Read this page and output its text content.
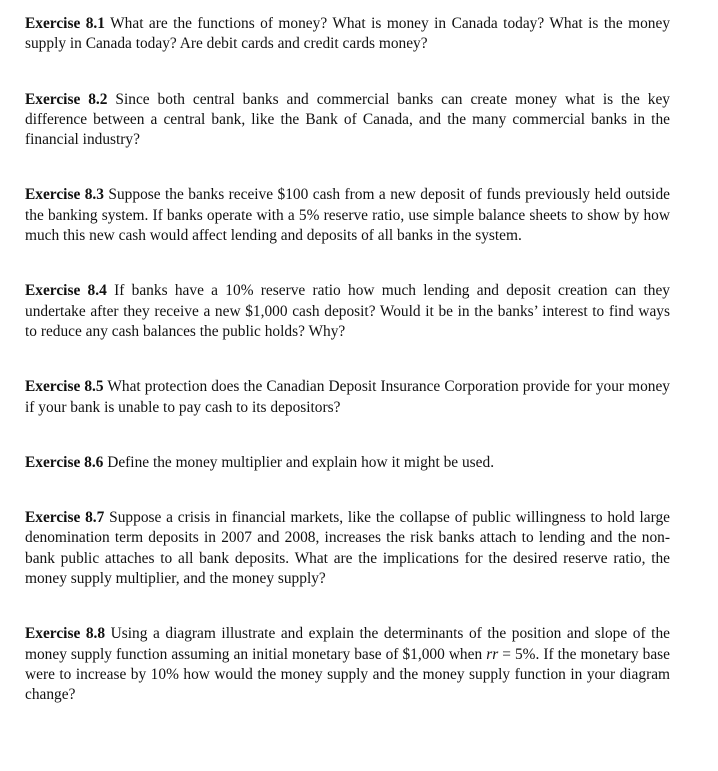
Exercise 8.1 What are the functions of money? What is money in Canada today? What is the money supply in Canada today? Are debit cards and credit cards money?

Exercise 8.2 Since both central banks and commercial banks can create money what is the key difference between a central bank, like the Bank of Canada, and the many commercial banks in the financial industry?

Exercise 8.3 Suppose the banks receive $100 cash from a new deposit of funds previously held outside the banking system. If banks operate with a 5% reserve ratio, use simple balance sheets to show by how much this new cash would affect lending and deposits of all banks in the system.

Exercise 8.4 If banks have a 10% reserve ratio how much lending and deposit creation can they undertake after they receive a new $1,000 cash deposit? Would it be in the banks’ interest to find ways to reduce any cash balances the public holds? Why?

Exercise 8.5 What protection does the Canadian Deposit Insurance Corporation provide for your money if your bank is unable to pay cash to its depositors?

Exercise 8.6 Define the money multiplier and explain how it might be used.

Exercise 8.7 Suppose a crisis in financial markets, like the collapse of public willingness to hold large denomination term deposits in 2007 and 2008, increases the risk banks attach to lending and the non-bank public attaches to all bank deposits. What are the implications for the desired reserve ratio, the money supply multiplier, and the money supply?

Exercise 8.8 Using a diagram illustrate and explain the determinants of the position and slope of the money supply function assuming an initial monetary base of $1,000 when rr = 5%. If the monetary base were to increase by 10% how would the money supply and the money supply function in your diagram change?
